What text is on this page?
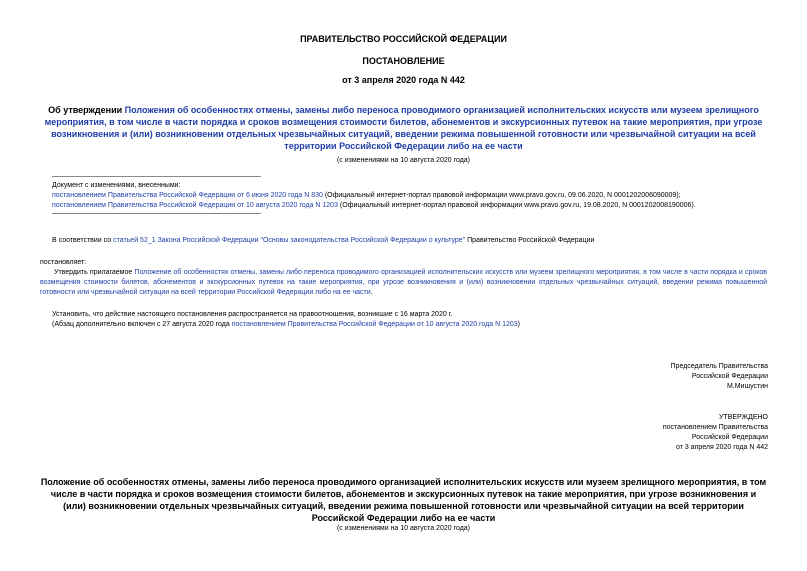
ПРАВИТЕЛЬСТВО РОССИЙСКОЙ ФЕДЕРАЦИИ
ПОСТАНОВЛЕНИЕ
от 3 апреля 2020 года N 442
Об утверждении Положения об особенностях отмены, замены либо переноса проводимого организацией исполнительских искусств или музеем зрелищного мероприятия, в том числе в части порядка и сроков возмещения стоимости билетов, абонементов и экскурсионных путевок на такие мероприятия, при угрозе возникновения и (или) возникновении отдельных чрезвычайных ситуаций, введении режима повышенной готовности или чрезвычайной ситуации на всей территории Российской Федерации либо на ее части
(с изменениями на 10 августа 2020 года)
Документ с изменениями, внесенными:
постановлением Правительства Российской Федерации от 6 июня 2020 года N 830 (Официальный интернет-портал правовой информации www.pravo.gov.ru, 09.06.2020, N 0001202006090009);
постановлением Правительства Российской Федерации от 10 августа 2020 года N 1203 (Официальный интернет-портал правовой информации www.pravo.gov.ru, 19.08.2020, N 0001202008190006).
В соответствии со статьей 52_1 Закона Российской Федерации "Основы законодательства Российской Федерации о культуре" Правительство Российской Федерации
постановляет:
Утвердить прилагаемое Положение об особенностях отмены, замены либо переноса проводимого организацией исполнительских искусств или музеем зрелищного мероприятия, в том числе в части порядка и сроков возмещения стоимости билетов, абонементов и экскурсионных путевок на такие мероприятия, при угрозе возникновения и (или) возникновении отдельных чрезвычайных ситуаций, введении режима повышенной готовности или чрезвычайной ситуации на всей территории Российской Федерации либо на ее части.
Установить, что действие настоящего постановления распространяется на правоотношения, возникшие с 16 марта 2020 г.
(Абзац дополнительно включен с 27 августа 2020 года постановлением Правительства Российской Федерации от 10 августа 2020 года N 1203)
Председатель Правительства
Российской Федерации
М.Мишустин
УТВЕРЖДЕНО
постановлением Правительства
Российской Федерации
от 3 апреля 2020 года N 442
Положение об особенностях отмены, замены либо переноса проводимого организацией исполнительских искусств или музеем зрелищного мероприятия, в том числе в части порядка и сроков возмещения стоимости билетов, абонементов и экскурсионных путевок на такие мероприятия, при угрозе возникновения и (или) возникновении отдельных чрезвычайных ситуаций, введении режима повышенной готовности или чрезвычайной ситуации на всей территории Российской Федерации либо на ее части
(с изменениями на 10 августа 2020 года)
